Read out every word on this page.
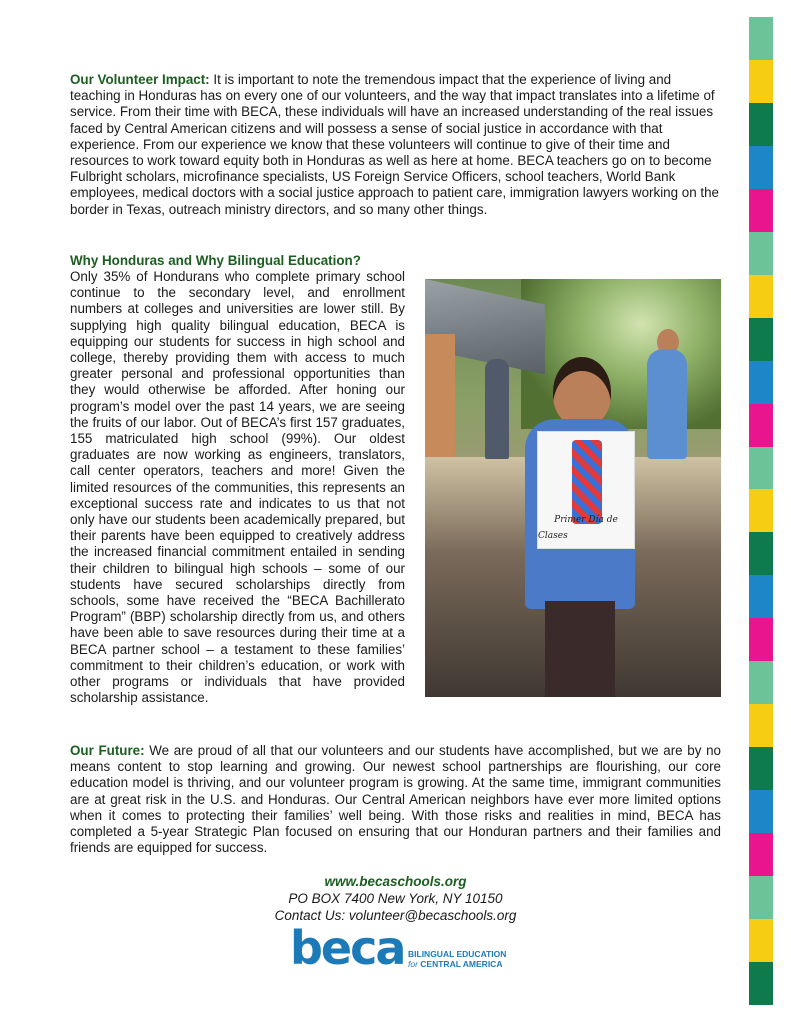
Our Volunteer Impact: It is important to note the tremendous impact that the experience of living and teaching in Honduras has on every one of our volunteers, and the way that impact translates into a lifetime of service. From their time with BECA, these individuals will have an increased understanding of the real issues faced by Central American citizens and will possess a sense of social justice in accordance with that experience. From our experience we know that these volunteers will continue to give of their time and resources to work toward equity both in Honduras as well as here at home. BECA teachers go on to become Fulbright scholars, microfinance specialists, US Foreign Service Officers, school teachers, World Bank employees, medical doctors with a social justice approach to patient care, immigration lawyers working on the border in Texas, outreach ministry directors, and so many other things.
Why Honduras and Why Bilingual Education?
Primer Día de Clases
Only 35% of Hondurans who complete primary school continue to the secondary level, and enrollment numbers at colleges and universities are lower still. By supplying high quality bilingual education, BECA is equipping our students for success in high school and college, thereby providing them with access to much greater personal and professional opportunities than they would otherwise be afforded. After honing our program’s model over the past 14 years, we are seeing the fruits of our labor. Out of BECA’s first 157 graduates, 155 matriculated high school (99%). Our oldest graduates are now working as engineers, translators, call center operators, teachers and more! Given the limited resources of the communities, this represents an exceptional success rate and indicates to us that not only have our students been academically prepared, but their parents have been equipped to creatively address the increased financial commitment entailed in sending their children to bilingual high schools – some of our students have secured scholarships directly from schools, some have received the “BECA Bachillerato Program” (BBP) scholarship directly from us, and others have been able to save resources during their time at a BECA partner school – a testament to these families’ commitment to their children’s education, or work with other programs or individuals that have provided scholarship assistance.
Our Future: We are proud of all that our volunteers and our students have accomplished, but we are by no means content to stop learning and growing. Our newest school partnerships are flourishing, our core education model is thriving, and our volunteer program is growing. At the same time, immigrant communities are at great risk in the U.S. and Honduras. Our Central American neighbors have ever more limited options when it comes to protecting their families’ well being. With those risks and realities in mind, BECA has completed a 5-year Strategic Plan focused on ensuring that our Honduran partners and their families and friends are equipped for success.
www.becaschools.org
PO BOX 7400 New York, NY 10150
Contact Us: volunteer@becaschools.org
beca BILINGUAL EDUCATION
for CENTRAL AMERICA
